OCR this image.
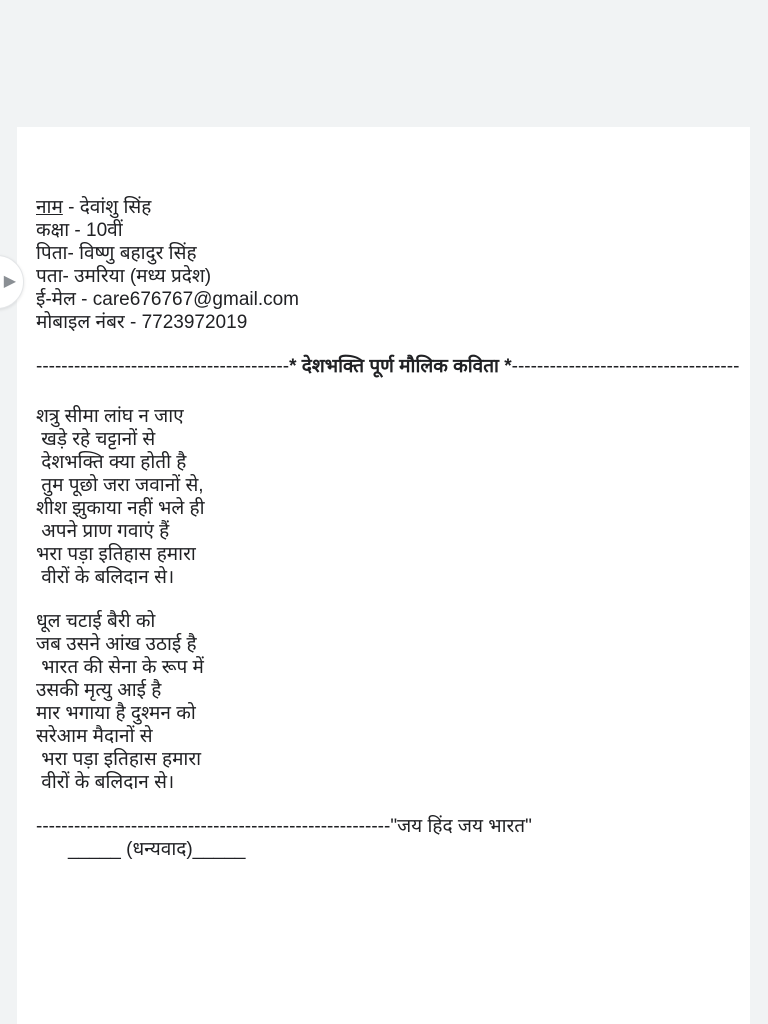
नाम - देवांशु सिंह
कक्षा - 10वीं
पिता- विष्णु बहादुर सिंह
पता- उमरिया (मध्य प्रदेश)
ई-मेल - care676767@gmail.com
मोबाइल नंबर - 7723972019
----------------------------------------* देशभक्ति पूर्ण मौलिक कविता *------------------------------------
शत्रु सीमा लांघ न जाए
खड़े रहे चट्टानों से
देशभक्ति क्या होती है
तुम पूछो जरा जवानों से,
शीश झुकाया नहीं भले ही
अपने प्राण गवाएं हैं
भरा पड़ा इतिहास हमारा
वीरों के बलिदान से।
धूल चटाई बैरी को
जब उसने आंख उठाई है
भारत की सेना के रूप में
उसकी मृत्यु आई है
मार भगाया है दुश्मन को
सरेआम मैदानों से
भरा पड़ा इतिहास हमारा
वीरों के बलिदान से।
--------------------------------------------------------"जय हिंद जय भारत"
_____ (धन्यवाद)_____
▶
